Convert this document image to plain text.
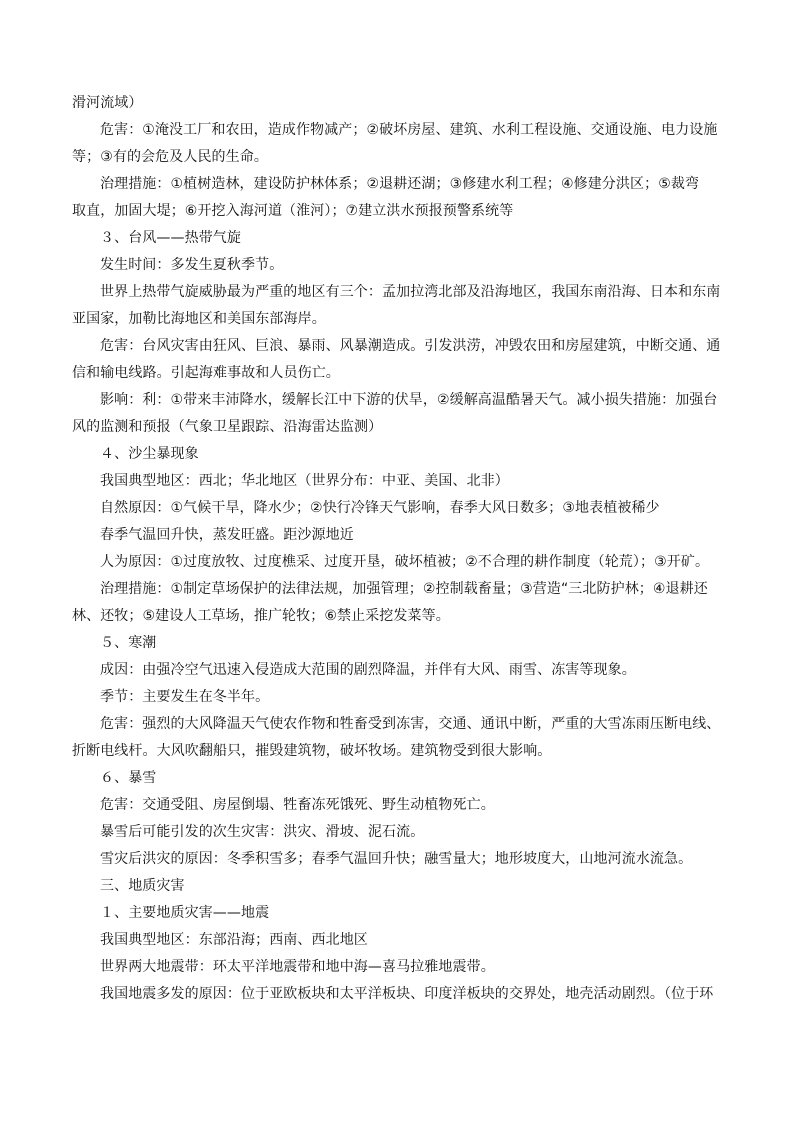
滑河流域）
危害：①淹没工厂和农田，造成作物减产；②破坏房屋、建筑、水利工程设施、交通设施、电力设施
等；③有的会危及人民的生命。
治理措施：①植树造林，建设防护林体系；②退耕还湖；③修建水利工程；④修建分洪区；⑤裁弯
取直，加固大堤；⑥开挖入海河道（淮河）；⑦建立洪水预报预警系统等
３、台风——热带气旋
发生时间：多发生夏秋季节。
世界上热带气旋威胁最为严重的地区有三个：孟加拉湾北部及沿海地区，我国东南沿海、日本和东南
亚国家，加勒比海地区和美国东部海岸。
危害：台风灾害由狂风、巨浪、暴雨、风暴潮造成。引发洪涝，冲毁农田和房屋建筑，中断交通、通
信和输电线路。引起海难事故和人员伤亡。
影响：利：①带来丰沛降水，缓解长江中下游的伏旱，②缓解高温酷暑天气。减小损失措施：加强台
风的监测和预报（气象卫星跟踪、沿海雷达监测）
４、沙尘暴现象
我国典型地区：西北；华北地区（世界分布：中亚、美国、北非）
自然原因：①气候干旱，降水少；②快行冷锋天气影响，春季大风日数多；③地表植被稀少
春季气温回升快，蒸发旺盛。距沙源地近
人为原因：①过度放牧、过度樵采、过度开垦，破坏植被；②不合理的耕作制度（轮荒）；③开矿。
治理措施：①制定草场保护的法律法规，加强管理；②控制载畜量；③营造“三北防护林；④退耕还
林、还牧；⑤建设人工草场，推广轮牧；⑥禁止采挖发菜等。
５、寒潮
成因：由强冷空气迅速入侵造成大范围的剧烈降温，并伴有大风、雨雪、冻害等现象。
季节：主要发生在冬半年。
危害：强烈的大风降温天气使农作物和牲畜受到冻害，交通、通讯中断，严重的大雪冻雨压断电线、
折断电线杆。大风吹翻船只，摧毁建筑物，破坏牧场。建筑物受到很大影响。
６、暴雪
危害：交通受阻、房屋倒塌、牲畜冻死饿死、野生动植物死亡。
暴雪后可能引发的次生灾害：洪灾、滑坡、泥石流。
雪灾后洪灾的原因：冬季积雪多；春季气温回升快；融雪量大；地形坡度大，山地河流水流急。
三、地质灾害
１、主要地质灾害——地震
我国典型地区：东部沿海；西南、西北地区
世界两大地震带：环太平洋地震带和地中海—喜马拉雅地震带。
我国地震多发的原因：位于亚欧板块和太平洋板块、印度洋板块的交界处，地壳活动剧烈。（位于环
